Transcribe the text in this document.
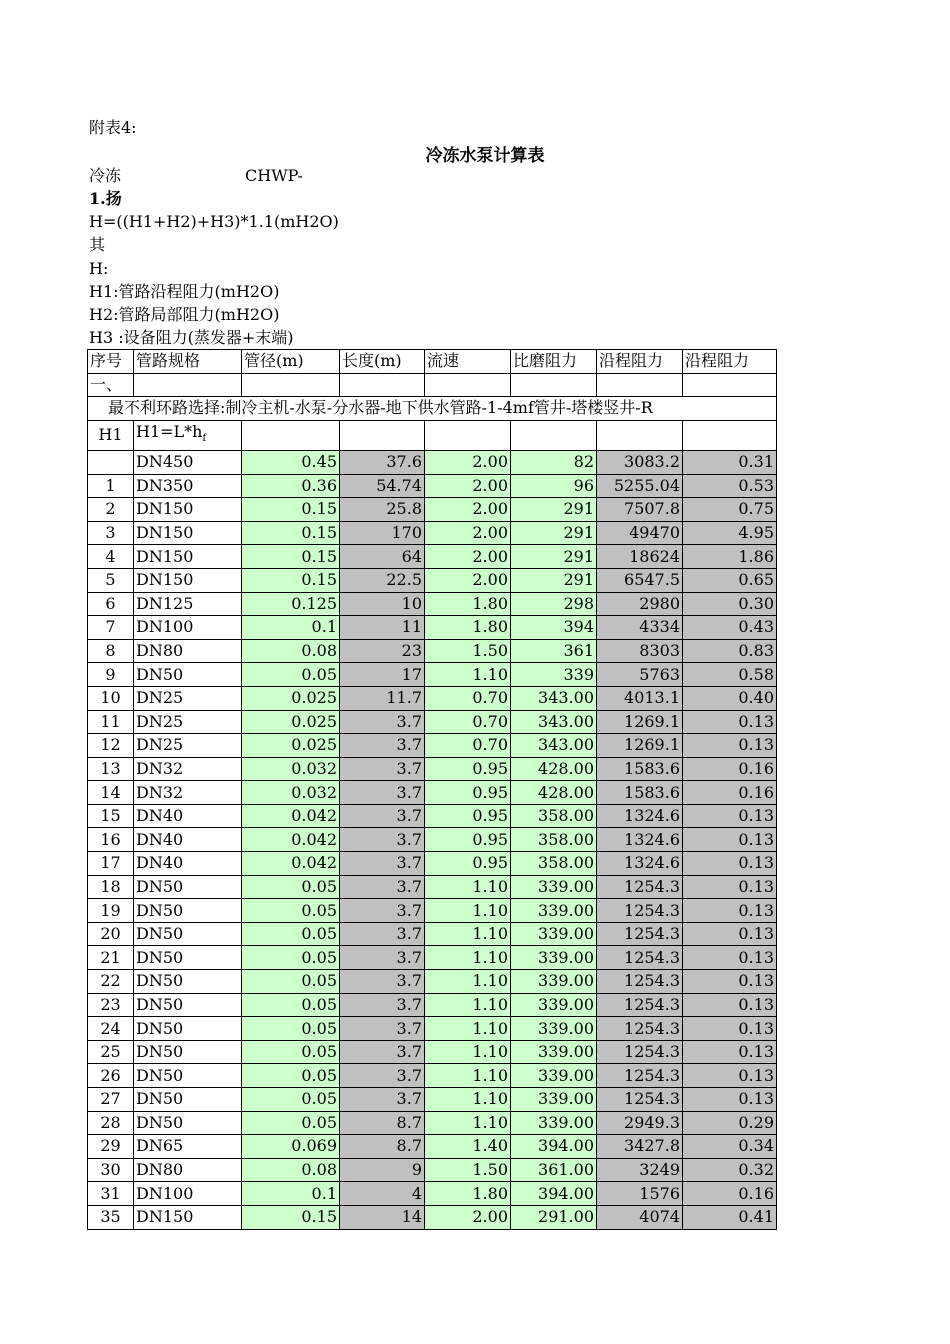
附表4:
冷冻水泵计算表
冷冻	CHWP-
1.扬
H=((H1+H2)+H3)*1.1(mH2O)
其
H:
H1:管路沿程阻力(mH2O)
H2:管路局部阻力(mH2O)
H3 :设备阻力(蒸发器+末端)
序号	管路规格	管径(m)	长度(m)	流速	比磨阻力	沿程阻力	沿程阻力
一、							
最不利环路选择:制冷主机-水泵-分水器-地下供水管路-1-4mf管井-塔楼竖井-R							
H1	$H1=L*h_f$						
	DN450	0.45	37.6	2.00	82	3083.2	0.31
1	DN350	0.36	54.74	2.00	96	5255.04	0.53
2	DN150	0.15	25.8	2.00	291	7507.8	0.75
3	DN150	0.15	170	2.00	291	49470	4.95
4	DN150	0.15	64	2.00	291	18624	1.86
5	DN150	0.15	22.5	2.00	291	6547.5	0.65
6	DN125	0.125	10	1.80	298	2980	0.30
7	DN100	0.1	11	1.80	394	4334	0.43
8	DN80	0.08	23	1.50	361	8303	0.83
9	DN50	0.05	17	1.10	339	5763	0.58
10	DN25	0.025	11.7	0.70	343.00	4013.1	0.40
11	DN25	0.025	3.7	0.70	343.00	1269.1	0.13
12	DN25	0.025	3.7	0.70	343.00	1269.1	0.13
13	DN32	0.032	3.7	0.95	428.00	1583.6	0.16
14	DN32	0.032	3.7	0.95	428.00	1583.6	0.16
15	DN40	0.042	3.7	0.95	358.00	1324.6	0.13
16	DN40	0.042	3.7	0.95	358.00	1324.6	0.13
17	DN40	0.042	3.7	0.95	358.00	1324.6	0.13
18	DN50	0.05	3.7	1.10	339.00	1254.3	0.13
19	DN50	0.05	3.7	1.10	339.00	1254.3	0.13
20	DN50	0.05	3.7	1.10	339.00	1254.3	0.13
21	DN50	0.05	3.7	1.10	339.00	1254.3	0.13
22	DN50	0.05	3.7	1.10	339.00	1254.3	0.13
23	DN50	0.05	3.7	1.10	339.00	1254.3	0.13
24	DN50	0.05	3.7	1.10	339.00	1254.3	0.13
25	DN50	0.05	3.7	1.10	339.00	1254.3	0.13
26	DN50	0.05	3.7	1.10	339.00	1254.3	0.13
27	DN50	0.05	3.7	1.10	339.00	1254.3	0.13
28	DN50	0.05	8.7	1.10	339.00	2949.3	0.29
29	DN65	0.069	8.7	1.40	394.00	3427.8	0.34
30	DN80	0.08	9	1.50	361.00	3249	0.32
31	DN100	0.1	4	1.80	394.00	1576	0.16
35	DN150	0.15	14	2.00	291.00	4074	0.41
